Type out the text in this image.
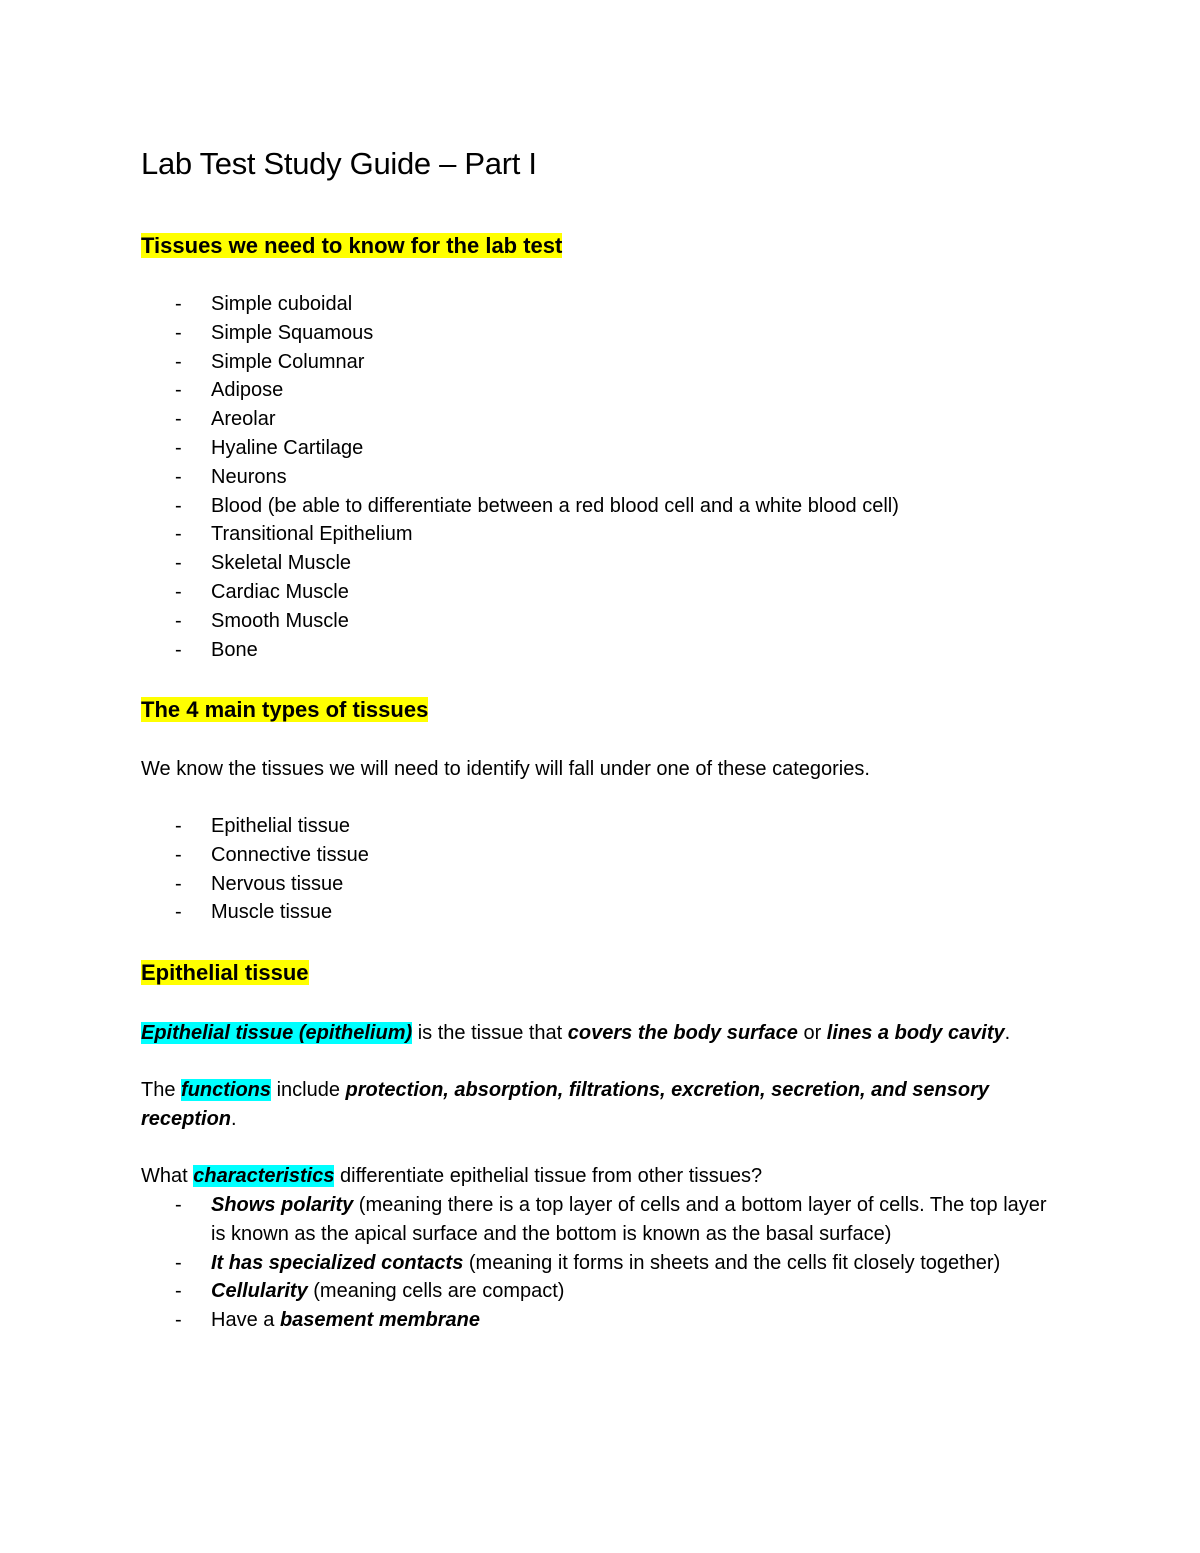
Lab Test Study Guide – Part I
Tissues we need to know for the lab test
- Simple cuboidal
- Simple Squamous
- Simple Columnar
- Adipose
- Areolar
- Hyaline Cartilage
- Neurons
- Blood (be able to differentiate between a red blood cell and a white blood cell)
- Transitional Epithelium
- Skeletal Muscle
- Cardiac Muscle
- Smooth Muscle
- Bone
The 4 main types of tissues

We know the tissues we will need to identify will fall under one of these categories.

- Epithelial tissue
- Connective tissue
- Nervous tissue
- Muscle tissue
Epithelial tissue

Epithelial tissue (epithelium) is the tissue that covers the body surface or lines a body cavity.

The functions include protection, absorption, filtrations, excretion, secretion, and sensory reception.

What characteristics differentiate epithelial tissue from other tissues?

- Shows polarity (meaning there is a top layer of cells and a bottom layer of cells. The top layer is known as the apical surface and the bottom is known as the basal surface)
- It has specialized contacts (meaning it forms in sheets and the cells fit closely together)
- Cellularity (meaning cells are compact)
- Have a basement membrane
